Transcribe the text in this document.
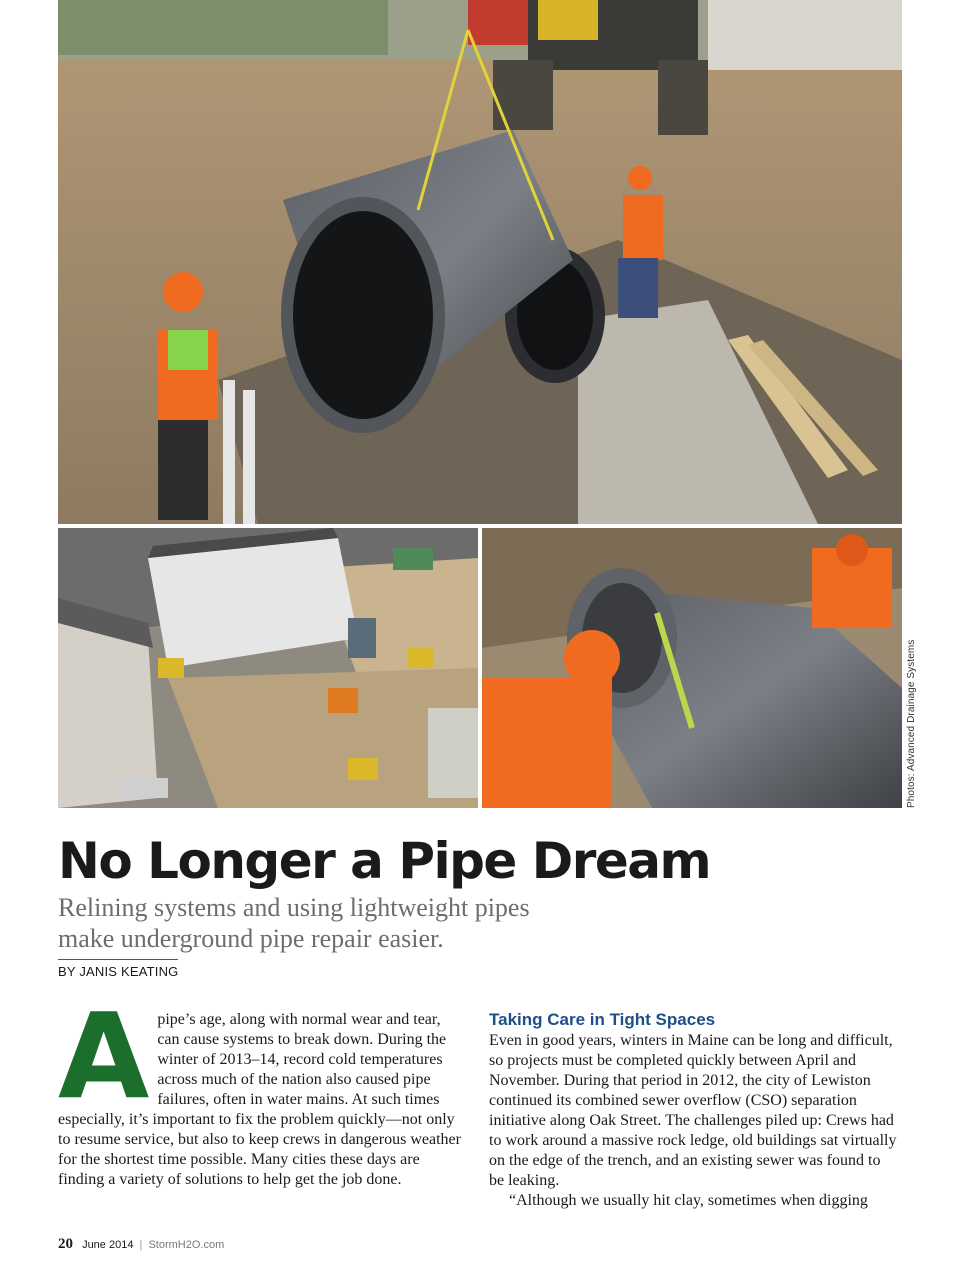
Photos: Advanced Drainage Systems
No Longer a Pipe Dream
Relining systems and using lightweight pipes
make underground pipe repair easier.
BY JANIS KEATING
A pipe’s age, along with normal wear and tear, can cause systems to break down. During the winter of 2013–14, record cold temperatures across much of the nation also caused pipe failures, often in water mains. At such times especially, it’s important to fix the problem quickly—not only to resume service, but also to keep crews in dangerous weather for the shortest time possible. Many cities these days are finding a variety of solutions to help get the job done.

Taking Care in Tight Spaces

Even in good years, winters in Maine can be long and difficult, so projects must be completed quickly between April and November. During that period in 2012, the city of Lewiston continued its combined sewer overflow (CSO) separation initiative along Oak Street. The challenges piled up: Crews had to work around a massive rock ledge, old buildings sat virtually on the edge of the trench, and an existing sewer was found to be leaking.

“Although we usually hit clay, sometimes when digging

20 June 2014 | StormH2O.com
